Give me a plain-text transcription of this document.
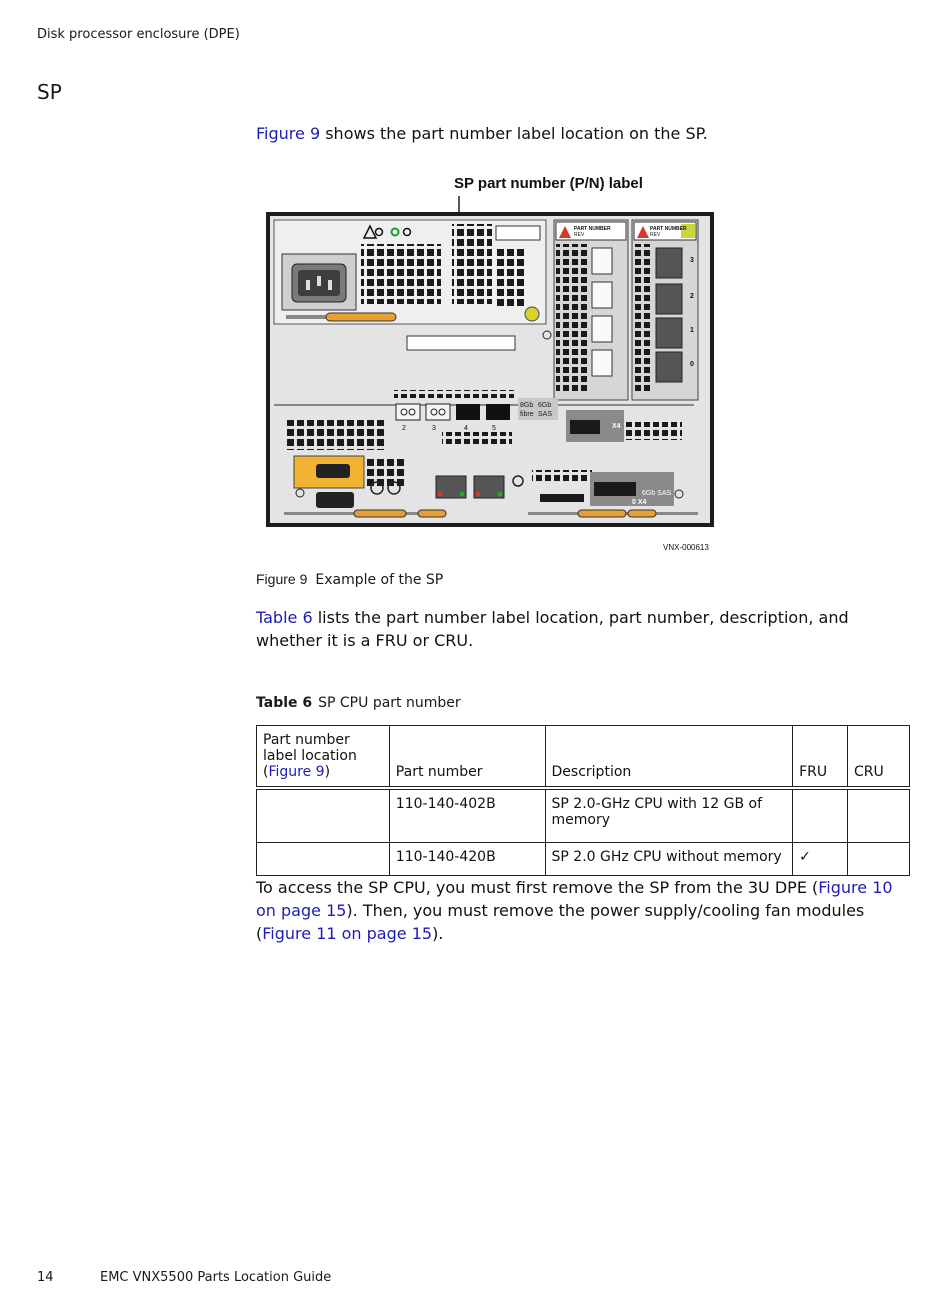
Disk processor enclosure (DPE)
SP
Figure 9 shows the part number label location on the SP.
SP part number (P/N) label
PART NUMBER
REV
PART NUMBER
REV
3
2
1
0
2	3	4	5
8Gb
fibre
6Gb
SAS
X4
6Gb SAS
0 X4
VNX-000613
Figure 9 Example of the SP
Table 6 lists the part number label location, part number, description, and whether it is a FRU or CRU.
Table 6 SP CPU part number
Part number label location (Figure 9)	Part number	Description	FRU	CRU
	110-140-402B	SP 2.0-GHz CPU with 12 GB of memory		
	110-140-420B	SP 2.0 GHz CPU without memory	✓	
To access the SP CPU, you must first remove the SP from the 3U DPE (Figure 10 on page 15). Then, you must remove the power supply/cooling fan modules (Figure 11 on page 15).
14	EMC VNX5500 Parts Location Guide
